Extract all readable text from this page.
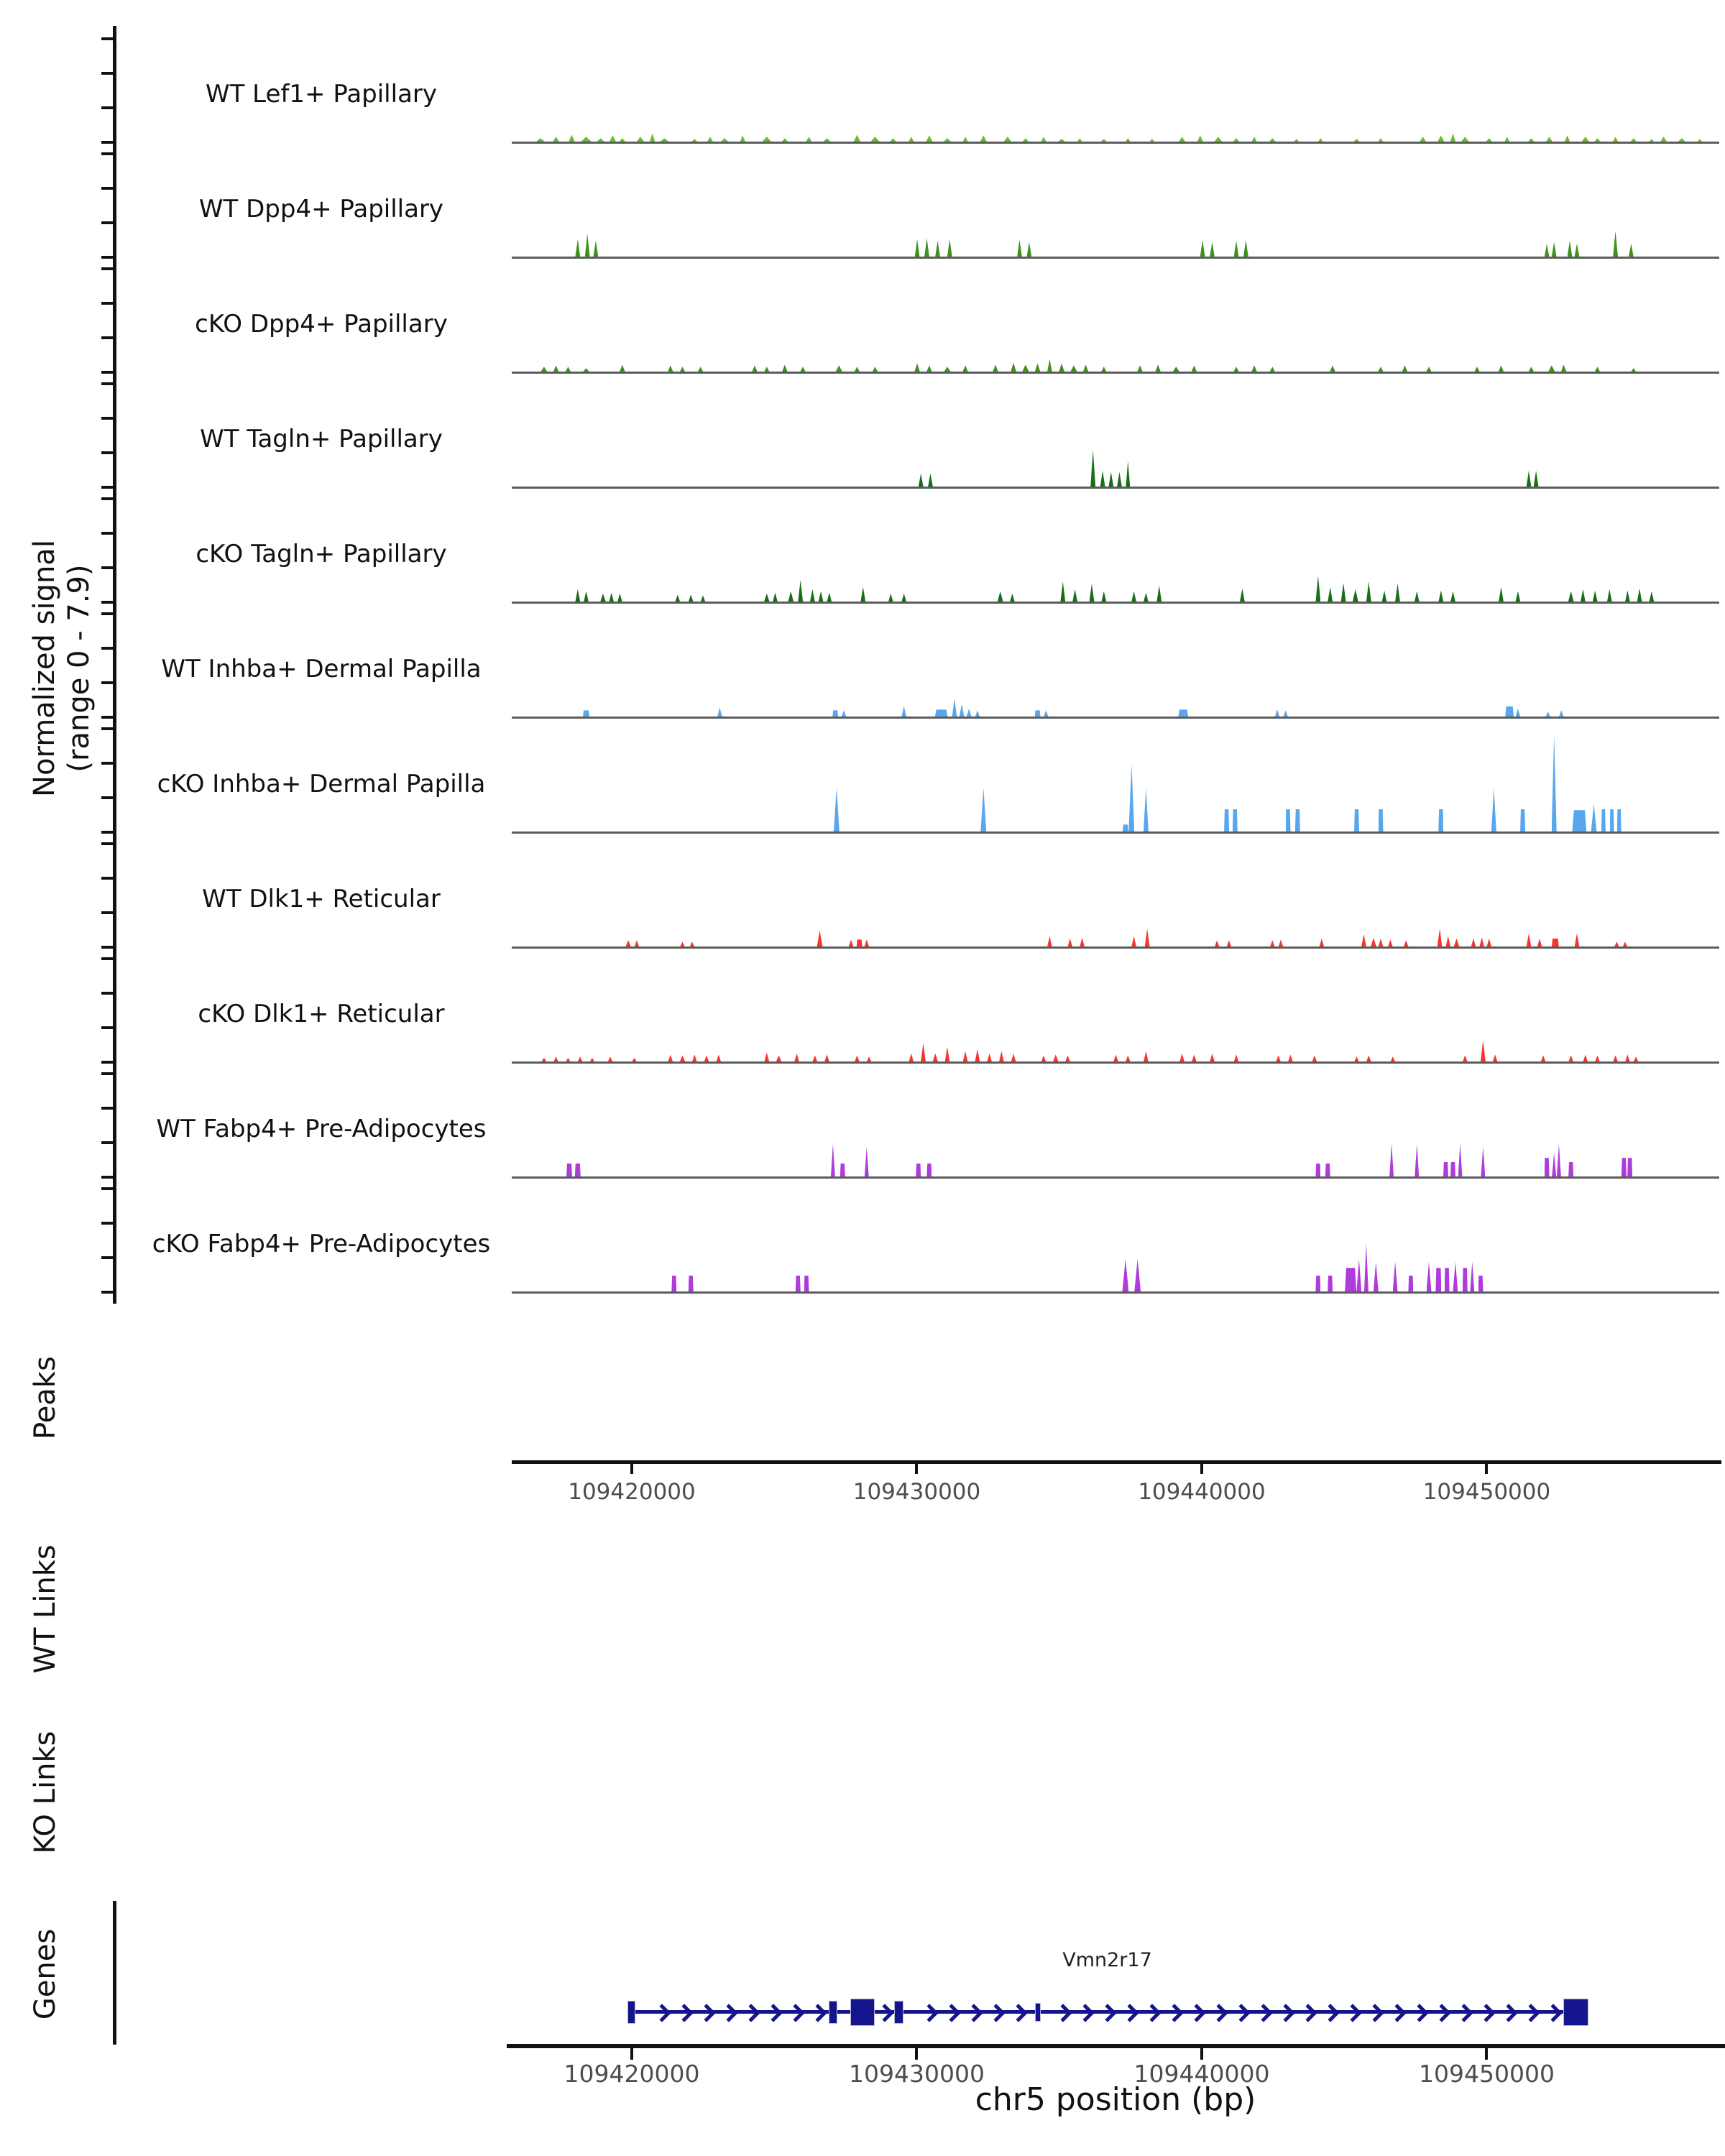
Normalized signal (range 0 - 7.9)
Peaks
WT Links
KO Links
Genes
WT Lef1+ Papillary
WT Dpp4+ Papillary
cKO Dpp4+ Papillary
WT Tagln+ Papillary
cKO Tagln+ Papillary
WT Inhba+ Dermal Papilla
cKO Inhba+ Dermal Papilla
WT Dlk1+ Reticular
cKO Dlk1+ Reticular
WT Fabp4+ Pre-Adipocytes
cKO Fabp4+ Pre-Adipocytes
109420000	109430000	109440000	109450000
Vmn2r17
109420000	109430000	109440000	109450000
chr5 position (bp)
